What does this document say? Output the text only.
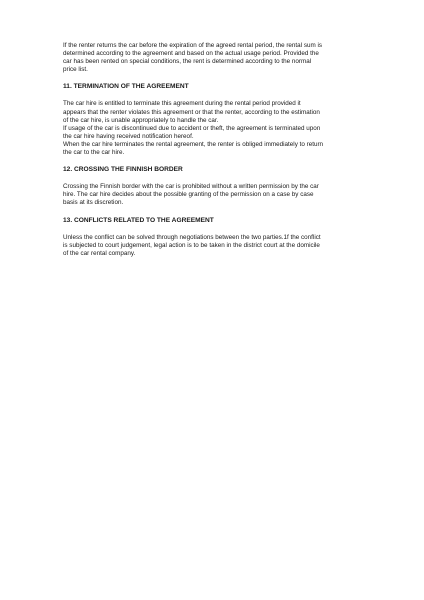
If the renter returns the car before the expiration of the agreed rental period, the rental sum is
determined according to the agreement and based on the actual usage period. Provided the
car has been rented on special conditions, the rent is determined according to the normal
price list.

11. TERMINATION OF THE AGREEMENT

The car hire is entitled to terminate this agreement during the rental period provided it
appears that the renter violates this agreement or that the renter, according to the estimation
of the car hire, is unable appropriately to handle the car.
If usage of the car is discontinued due to accident or theft, the agreement is terminated upon
the car hire having received notification hereof.
When the car hire terminates the rental agreement, the renter is obliged immediately to return
the car to the car hire.

12. CROSSING THE FINNISH BORDER

Crossing the Finnish border with the car is prohibited without a written permission by the car
hire. The car hire decides about the possible granting of the permission on a case by case
basis at its discretion.

13. CONFLICTS RELATED TO THE AGREEMENT

Unless the conflict can be solved through negotiations between the two parties.1f the conflict
is subjected to court judgement, legal action is to be taken in the district court at the domicile
of the car rental company.
